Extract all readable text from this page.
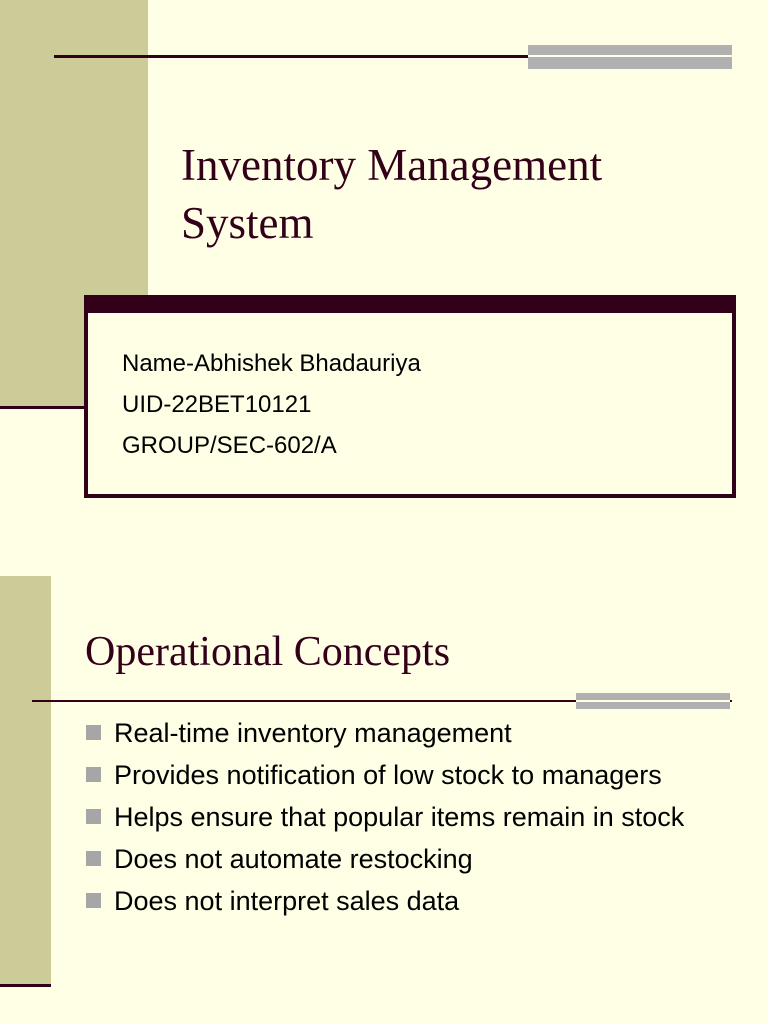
Inventory Management
System
Name-Abhishek Bhadauriya
UID-22BET10121
GROUP/SEC-602/A
Operational Concepts
Real-time inventory management
Provides notification of low stock to managers
Helps ensure that popular items remain in stock
Does not automate restocking
Does not interpret sales data
